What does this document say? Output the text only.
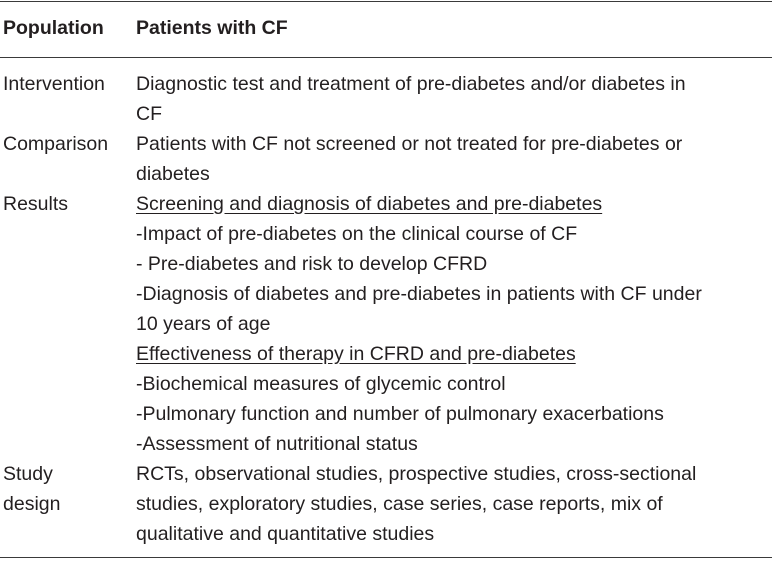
Population Patients with CF
Intervention Diagnostic test and treatment of pre-diabetes and/or diabetes in
CF
Comparison Patients with CF not screened or not treated for pre-diabetes or
diabetes
Results	Screening and diagnosis of diabetes and pre-diabetes
-Impact of pre-diabetes on the clinical course of CF
- Pre-diabetes and risk to develop CFRD
-Diagnosis of diabetes and pre-diabetes in patients with CF under
10 years of age
Effectiveness of therapy in CFRD and pre-diabetes
-Biochemical measures of glycemic control
-Pulmonary function and number of pulmonary exacerbations
-Assessment of nutritional status
Study
design
RCTs, observational studies, prospective studies, cross-sectional
studies, exploratory studies, case series, case reports, mix of
qualitative and quantitative studies
